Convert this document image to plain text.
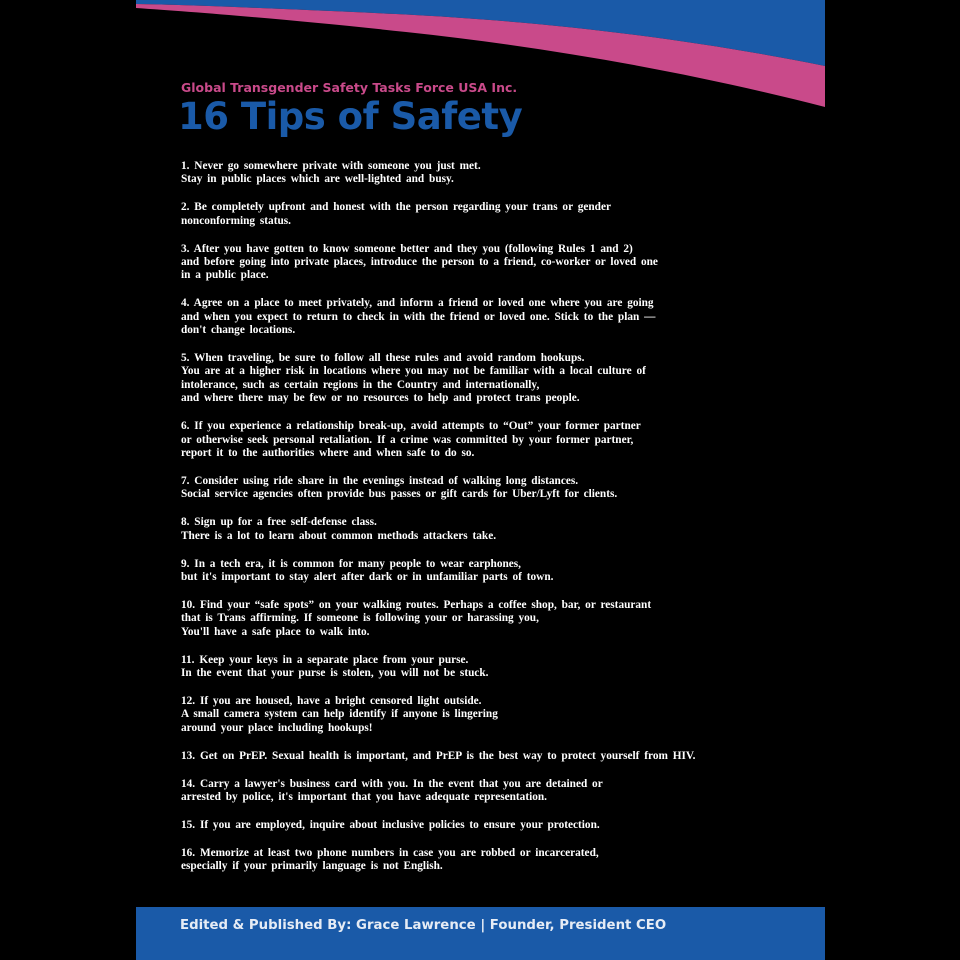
Global Transgender Safety Tasks Force USA Inc.

16 Tips of Safety
1. Never go somewhere private with someone you just met.
Stay in public places which are well-lighted and busy.
2. Be completely upfront and honest with the person regarding your trans or gender
nonconforming status.
3. After you have gotten to know someone better and they you (following Rules 1 and 2)
and before going into private places, introduce the person to a friend, co-worker or loved one
in a public place.
4. Agree on a place to meet privately, and inform a friend or loved one where you are going
and when you expect to return to check in with the friend or loved one. Stick to the plan —
don't change locations.
5. When traveling, be sure to follow all these rules and avoid random hookups.
You are at a higher risk in locations where you may not be familiar with a local culture of
intolerance, such as certain regions in the Country and internationally,
and where there may be few or no resources to help and protect trans people.
6. If you experience a relationship break-up, avoid attempts to “Out” your former partner
or otherwise seek personal retaliation. If a crime was committed by your former partner,
report it to the authorities where and when safe to do so.
7. Consider using ride share in the evenings instead of walking long distances.
Social service agencies often provide bus passes or gift cards for Uber/Lyft for clients.
8. Sign up for a free self-defense class.
There is a lot to learn about common methods attackers take.
9. In a tech era, it is common for many people to wear earphones,
but it's important to stay alert after dark or in unfamiliar parts of town.
10. Find your “safe spots” on your walking routes. Perhaps a coffee shop, bar, or restaurant
that is Trans affirming. If someone is following your or harassing you,
You'll have a safe place to walk into.
11. Keep your keys in a separate place from your purse.
In the event that your purse is stolen, you will not be stuck.
12. If you are housed, have a bright censored light outside.
A small camera system can help identify if anyone is lingering
around your place including hookups!
13. Get on PrEP. Sexual health is important, and PrEP is the best way to protect yourself from HIV.
14. Carry a lawyer's business card with you. In the event that you are detained or
arrested by police, it's important that you have adequate representation.
15. If you are employed, inquire about inclusive policies to ensure your protection.
16. Memorize at least two phone numbers in case you are robbed or incarcerated,
especially if your primarily language is not English.

Edited & Published By: Grace Lawrence | Founder, President CEO
